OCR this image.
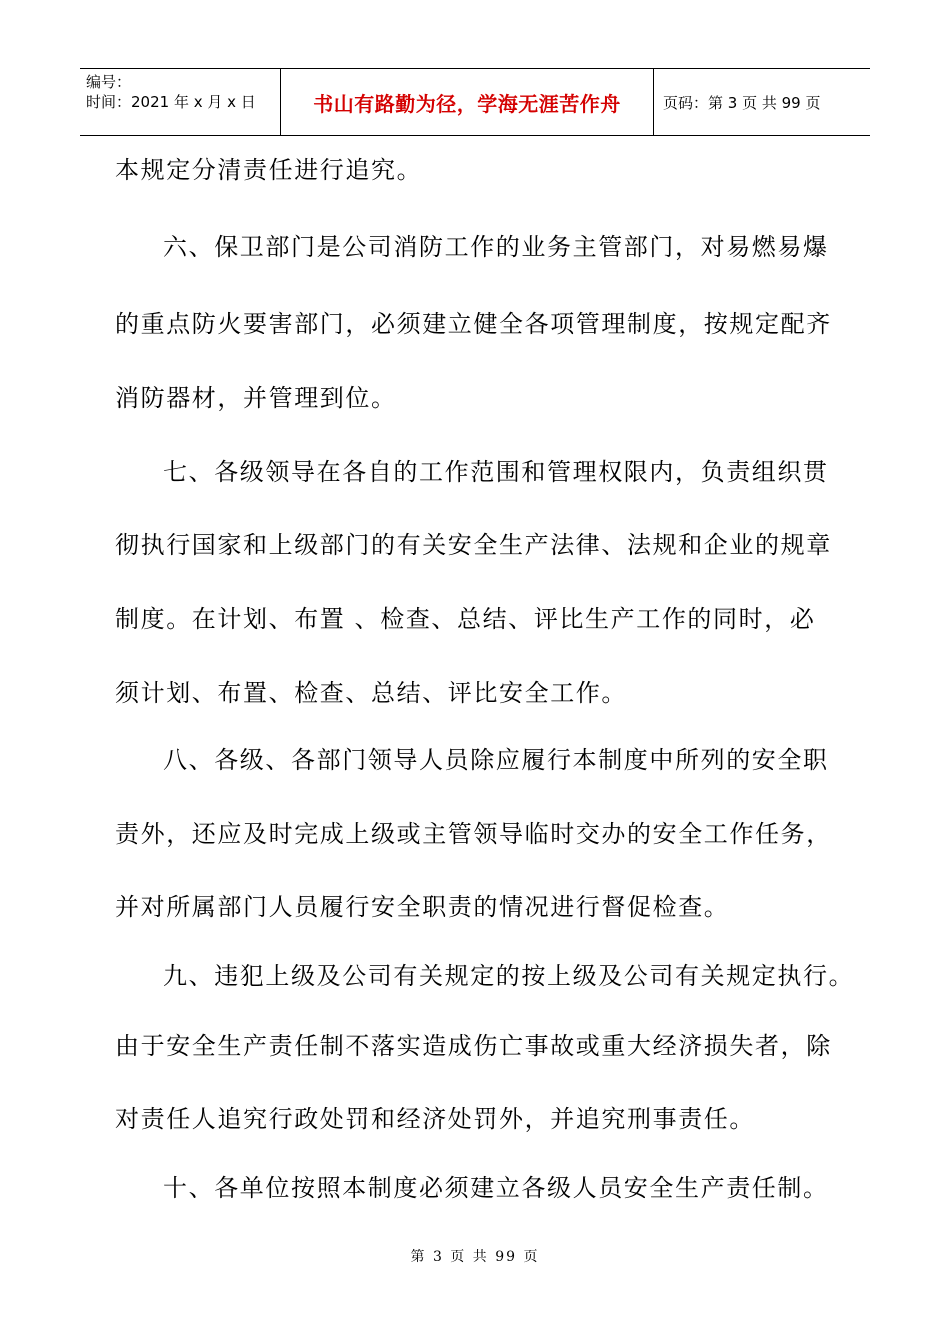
编号：
时间：2021 年 x 月 x 日	书山有路勤为径，学海无涯苦作舟	页码：第 3 页 共 99 页
本规定分清责任进行追究。
六、保卫部门是公司消防工作的业务主管部门，对易燃易爆
的重点防火要害部门，必须建立健全各项管理制度，按规定配齐
消防器材，并管理到位。
七、各级领导在各自的工作范围和管理权限内，负责组织贯
彻执行国家和上级部门的有关安全生产法律、法规和企业的规章
制度。在计划、布置 、检查、总结、评比生产工作的同时，必
须计划、布置、检查、总结、评比安全工作。
八、各级、各部门领导人员除应履行本制度中所列的安全职
责外，还应及时完成上级或主管领导临时交办的安全工作任务，
并对所属部门人员履行安全职责的情况进行督促检查。
九、违犯上级及公司有关规定的按上级及公司有关规定执行。
由于安全生产责任制不落实造成伤亡事故或重大经济损失者，除
对责任人追究行政处罚和经济处罚外，并追究刑事责任。
十、各单位按照本制度必须建立各级人员安全生产责任制。
第 3 页 共 99 页
